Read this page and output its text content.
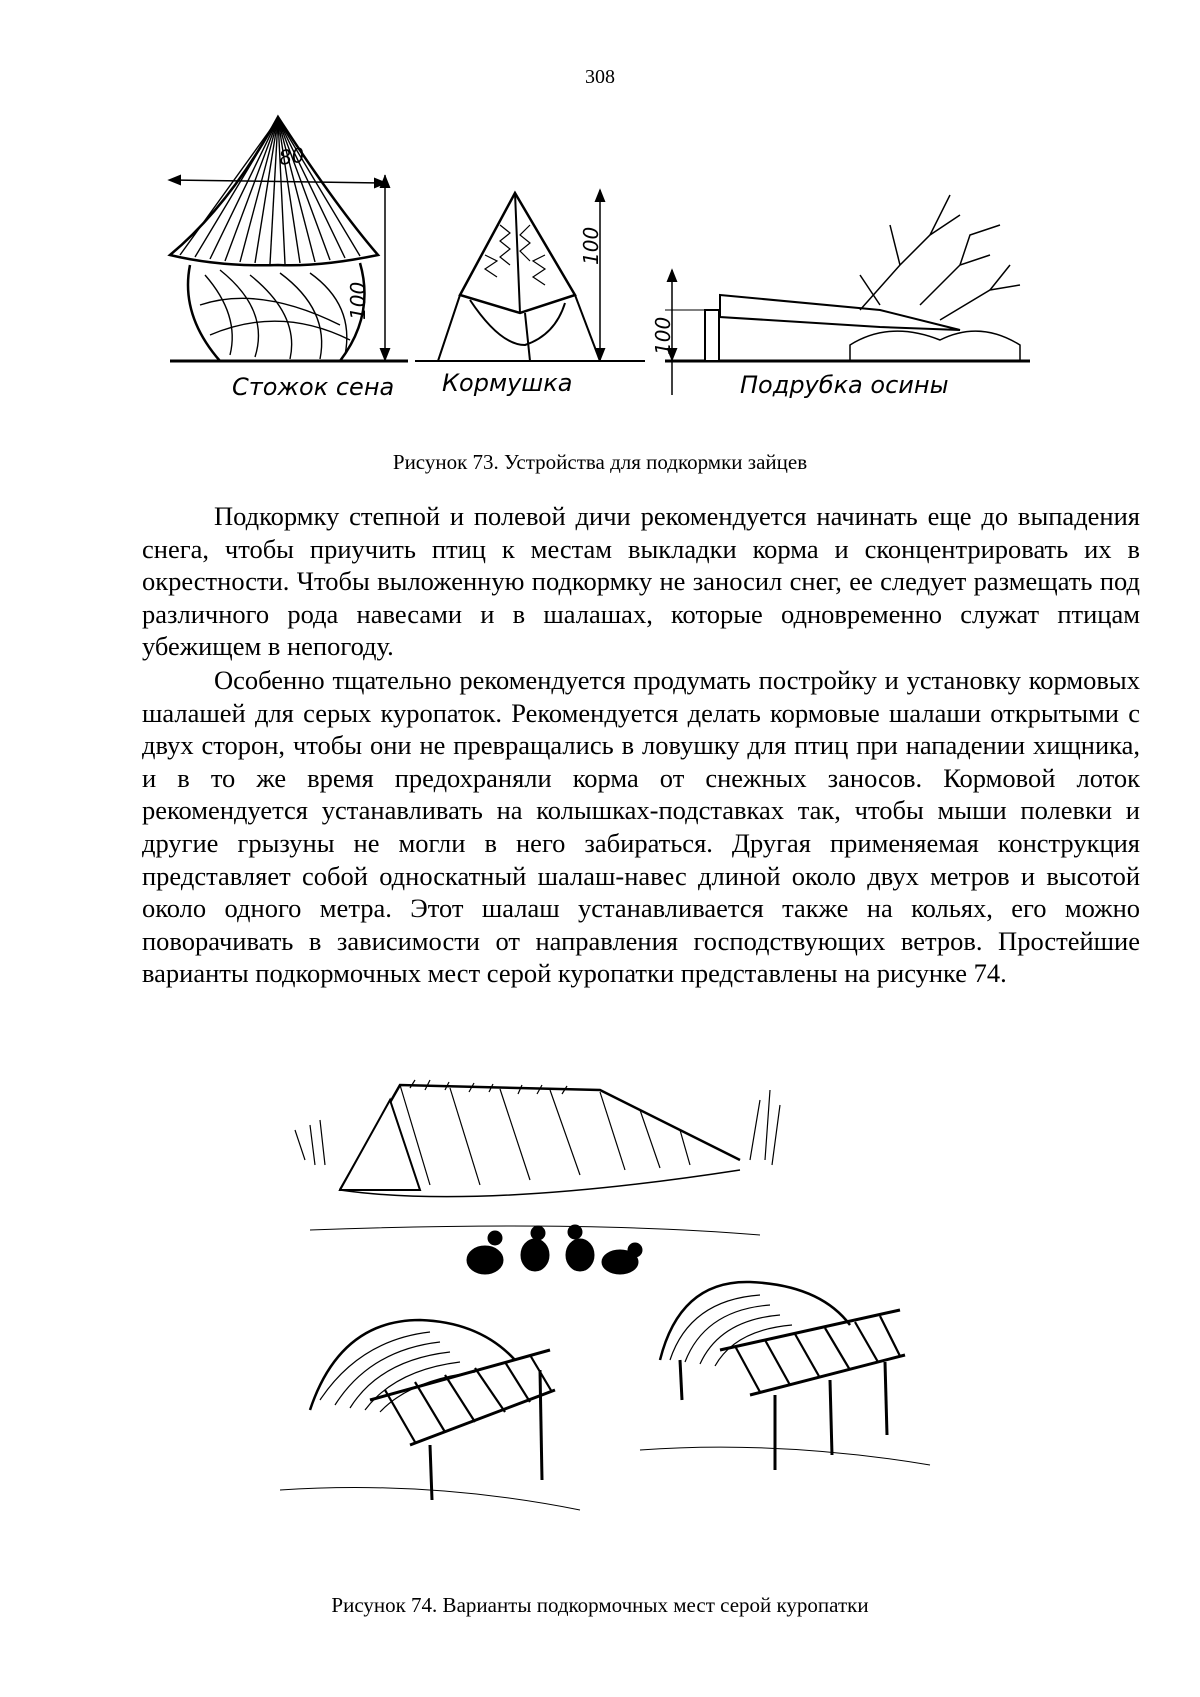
308
80
100
100
100
Стожок сена Кормушка	Подрубка осины
Рисунок 73. Устройства для подкормки зайцев

Подкормку степной и полевой дичи рекомендуется начинать еще до выпадения снега, чтобы приучить птиц к местам выкладки корма и сконцентрировать их в окрестности. Чтобы выложенную подкормку не заносил снег, ее следует размещать под различного рода навесами и в шалашах, которые одновременно служат птицам убежищем в непогоду.

Особенно тщательно рекомендуется продумать постройку и установку кормовых шалашей для серых куропаток. Рекомендуется делать кормовые шалаши открытыми с двух сторон, чтобы они не превращались в ловушку для птиц при нападении хищника, и в то же время предохраняли корма от снежных заносов. Кормовой лоток рекомендуется устанавливать на колышках-подставках так, чтобы мыши полевки и другие грызуны не могли в него забираться. Другая применяемая конструкция представляет собой односкатный шалаш-навес длиной около двух метров и высотой около одного метра. Этот шалаш устанавливается также на кольях, его можно поворачивать в зависимости от направления господствующих ветров. Простейшие варианты подкормочных мест серой куропатки представлены на рисунке 74.

Рисунок 74. Варианты подкормочных мест серой куропатки
